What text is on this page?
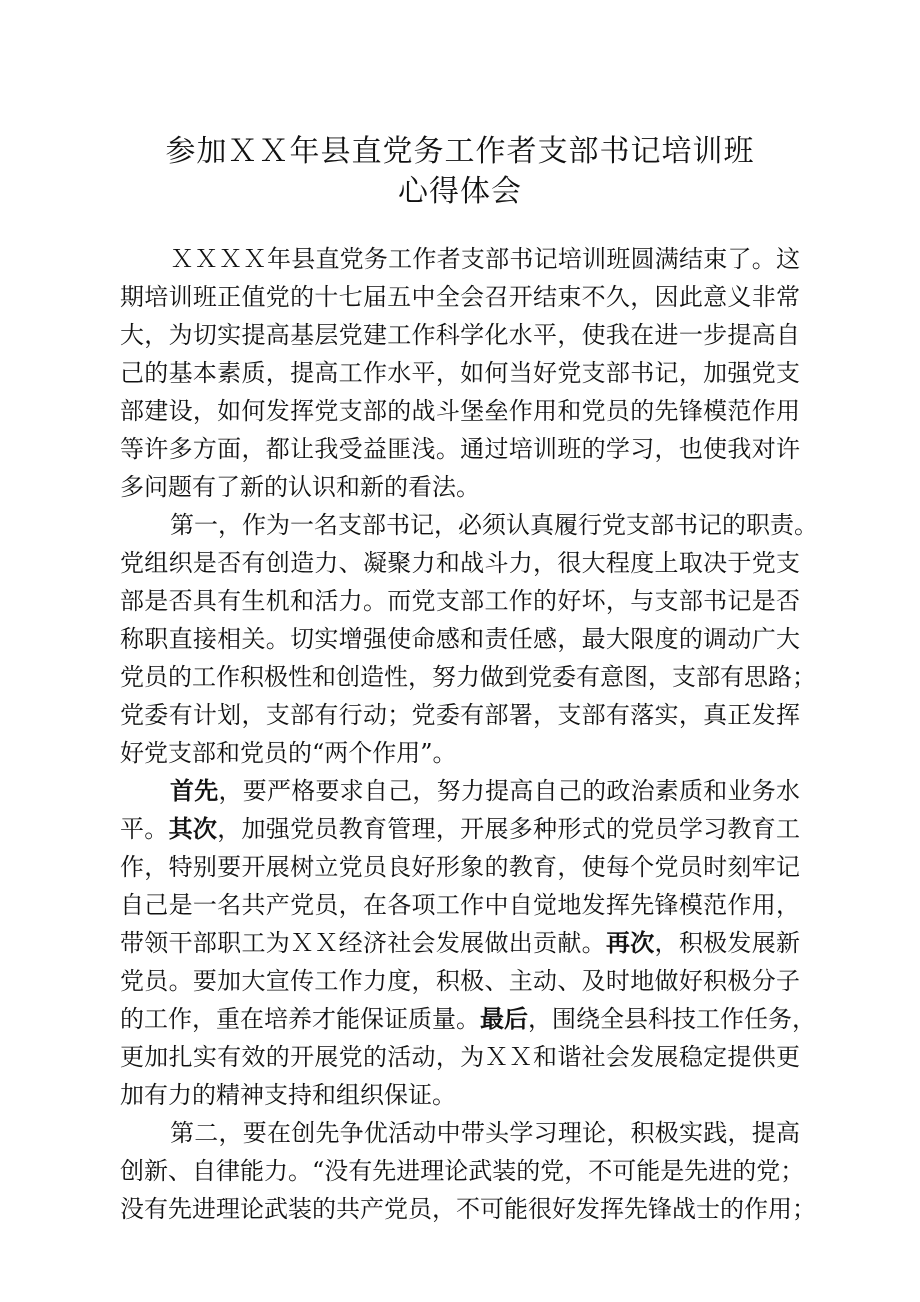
参加ＸＸ年县直党务工作者支部书记培训班
心得体会
ＸＸＸＸ年县直党务工作者支部书记培训班圆满结束了。这
期培训班正值党的十七届五中全会召开结束不久，因此意义非常
大，为切实提高基层党建工作科学化水平，使我在进一步提高自
己的基本素质，提高工作水平，如何当好党支部书记，加强党支
部建设，如何发挥党支部的战斗堡垒作用和党员的先锋模范作用
等许多方面，都让我受益匪浅。通过培训班的学习，也使我对许
多问题有了新的认识和新的看法。
第一，作为一名支部书记，必须认真履行党支部书记的职责。
党组织是否有创造力、凝聚力和战斗力，很大程度上取决于党支
部是否具有生机和活力。而党支部工作的好坏，与支部书记是否
称职直接相关。切实增强使命感和责任感，最大限度的调动广大
党员的工作积极性和创造性，努力做到党委有意图，支部有思路；
党委有计划，支部有行动；党委有部署，支部有落实，真正发挥
好党支部和党员的“两个作用”。
首先，要严格要求自己，努力提高自己的政治素质和业务水
平。其次，加强党员教育管理，开展多种形式的党员学习教育工
作，特别要开展树立党员良好形象的教育，使每个党员时刻牢记
自己是一名共产党员，在各项工作中自觉地发挥先锋模范作用，
带领干部职工为ＸＸ经济社会发展做出贡献。再次，积极发展新
党员。要加大宣传工作力度，积极、主动、及时地做好积极分子
的工作，重在培养才能保证质量。最后，围绕全县科技工作任务，
更加扎实有效的开展党的活动，为ＸＸ和谐社会发展稳定提供更
加有力的精神支持和组织保证。
第二，要在创先争优活动中带头学习理论，积极实践，提高
创新、自律能力。“没有先进理论武装的党，不可能是先进的党；
没有先进理论武装的共产党员，不可能很好发挥先锋战士的作用；
